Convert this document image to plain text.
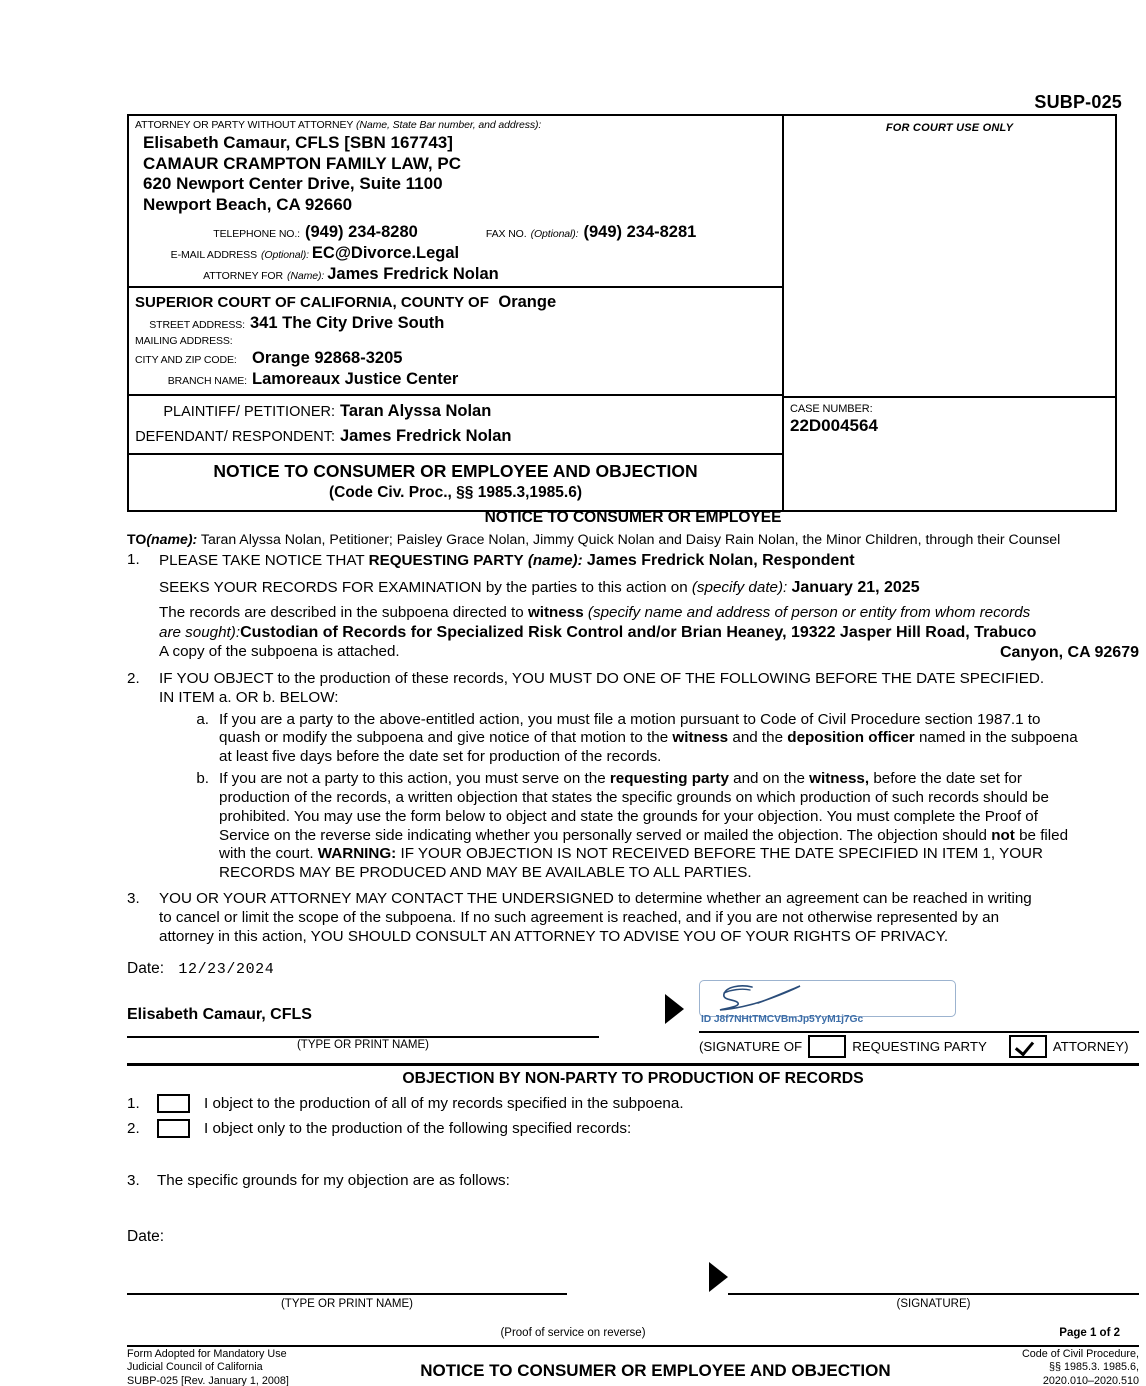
SUBP-025
ATTORNEY OR PARTY WITHOUT ATTORNEY (Name, State Bar number, and address):
Elisabeth Camaur, CFLS [SBN 167743]
CAMAUR CRAMPTON FAMILY LAW, PC
620 Newport Center Drive, Suite 1100
Newport Beach, CA 92660
TELEPHONE NO.: (949) 234-8280	FAX NO. (Optional): (949) 234-8281
E-MAIL ADDRESS (Optional): EC@Divorce.Legal
ATTORNEY FOR (Name): James Fredrick Nolan
FOR COURT USE ONLY
SUPERIOR COURT OF CALIFORNIA, COUNTY OF Orange
STREET ADDRESS: 341 The City Drive South
MAILING ADDRESS:
CITY AND ZIP CODE: Orange 92868-3205
BRANCH NAME: Lamoreaux Justice Center
PLAINTIFF/ PETITIONER: Taran Alyssa Nolan
DEFENDANT/ RESPONDENT: James Fredrick Nolan
CASE NUMBER:
22D004564
NOTICE TO CONSUMER OR EMPLOYEE AND OBJECTION
(Code Civ. Proc., §§ 1985.3,1985.6)
NOTICE TO CONSUMER OR EMPLOYEE
TO(name): Taran Alyssa Nolan, Petitioner; Paisley Grace Nolan, Jimmy Quick Nolan and Daisy Rain Nolan, the Minor Children, through their Counsel
1.	PLEASE TAKE NOTICE THAT REQUESTING PARTY (name): James Fredrick Nolan, Respondent
SEEKS YOUR RECORDS FOR EXAMINATION by the parties to this action on (specify date): January 21, 2025
The records are described in the subpoena directed to witness (specify name and address of person or entity from whom records
are sought):Custodian of Records for Specialized Risk Control and/or Brian Heaney, 19322 Jasper Hill Road, Trabuco
A copy of the subpoena is attached.	Canyon, CA 92679
2.	IF YOU OBJECT to the production of these records, YOU MUST DO ONE OF THE FOLLOWING BEFORE THE DATE SPECIFIED.
IN ITEM a. OR b. BELOW:
a. If you are a party to the above-entitled action, you must file a motion pursuant to Code of Civil Procedure section 1987.1 to
quash or modify the subpoena and give notice of that motion to the witness and the deposition officer named in the subpoena
at least five days before the date set for production of the records.
b. If you are not a party to this action, you must serve on the requesting party and on the witness, before the date set for
production of the records, a written objection that states the specific grounds on which production of such records should be
prohibited. You may use the form below to object and state the grounds for your objection. You must complete the Proof of
Service on the reverse side indicating whether you personally served or mailed the objection. The objection should not be filed
with the court. WARNING: IF YOUR OBJECTION IS NOT RECEIVED BEFORE THE DATE SPECIFIED IN ITEM 1, YOUR
RECORDS MAY BE PRODUCED AND MAY BE AVAILABLE TO ALL PARTIES.
3.	YOU OR YOUR ATTORNEY MAY CONTACT THE UNDERSIGNED to determine whether an agreement can be reached in writing
to cancel or limit the scope of the subpoena. If no such agreement is reached, and if you are not otherwise represented by an
attorney in this action, YOU SHOULD CONSULT AN ATTORNEY TO ADVISE YOU OF YOUR RIGHTS OF PRIVACY.
Date: 12/23/2024
Elisabeth Camaur, CFLS
(TYPE OR PRINT NAME)
ID J8f7NHtTMCVBmJp5YyM1j7Gc
(SIGNATURE OF	REQUESTING PARTY	ATTORNEY)
OBJECTION BY NON-PARTY TO PRODUCTION OF RECORDS
1.	I object to the production of all of my records specified in the subpoena.
2.	I object only to the production of the following specified records:
3.	The specific grounds for my objection are as follows:
Date:
(TYPE OR PRINT NAME)	(SIGNATURE)
(Proof of service on reverse)	Page 1 of 2
Form Adopted for Mandatory Use
Judicial Council of California
SUBP-025 [Rev. January 1, 2008]
NOTICE TO CONSUMER OR EMPLOYEE AND OBJECTION
Code of Civil Procedure,
§§ 1985.3. 1985.6,
2020.010–2020.510
